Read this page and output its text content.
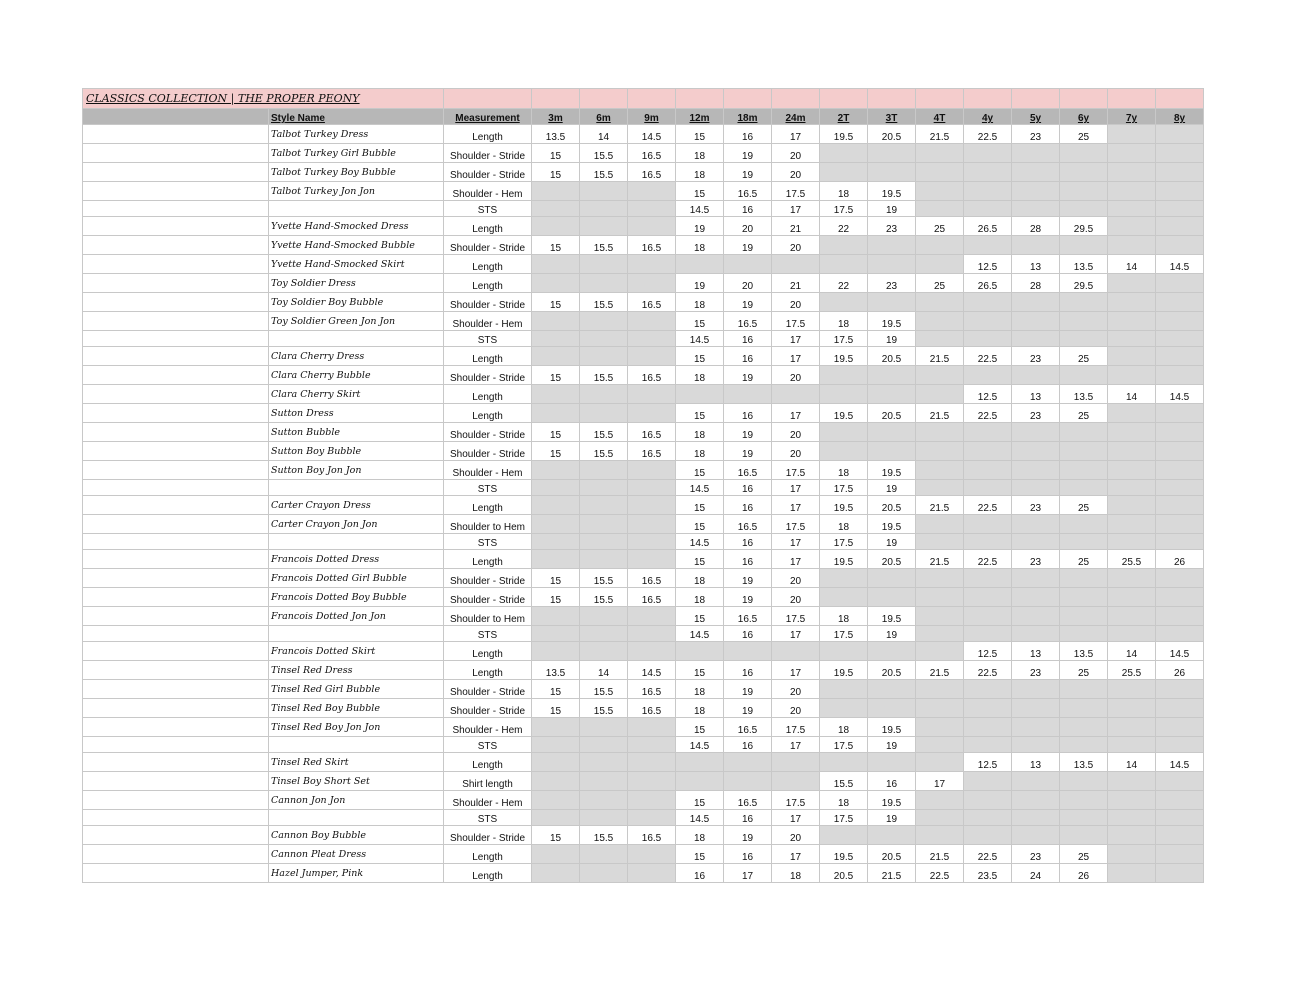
CLASSICS COLLECTION | THE PROPER PEONY																
	Style Name	Measurement	3m	6m	9m	12m	18m	24m	2T	3T	4T	4y	5y	6y	7y	8y
	Talbot Turkey Dress	Length	13.5	14	14.5	15	16	17	19.5	20.5	21.5	22.5	23	25		
	Talbot Turkey Girl Bubble	Shoulder - Stride	15	15.5	16.5	18	19	20								
	Talbot Turkey Boy Bubble	Shoulder - Stride	15	15.5	16.5	18	19	20								
	Talbot Turkey Jon Jon	Shoulder - Hem				15	16.5	17.5	18	19.5						
		STS				14.5	16	17	17.5	19						
	Yvette Hand-Smocked Dress	Length				19	20	21	22	23	25	26.5	28	29.5		
	Yvette Hand-Smocked Bubble	Shoulder - Stride	15	15.5	16.5	18	19	20								
	Yvette Hand-Smocked Skirt	Length										12.5	13	13.5	14	14.5
	Toy Soldier Dress	Length				19	20	21	22	23	25	26.5	28	29.5		
	Toy Soldier Boy Bubble	Shoulder - Stride	15	15.5	16.5	18	19	20								
	Toy Soldier Green Jon Jon	Shoulder - Hem				15	16.5	17.5	18	19.5						
		STS				14.5	16	17	17.5	19						
	Clara Cherry Dress	Length				15	16	17	19.5	20.5	21.5	22.5	23	25		
	Clara Cherry Bubble	Shoulder - Stride	15	15.5	16.5	18	19	20								
	Clara Cherry Skirt	Length										12.5	13	13.5	14	14.5
	Sutton Dress	Length				15	16	17	19.5	20.5	21.5	22.5	23	25		
	Sutton Bubble	Shoulder - Stride	15	15.5	16.5	18	19	20								
	Sutton Boy Bubble	Shoulder - Stride	15	15.5	16.5	18	19	20								
	Sutton Boy Jon Jon	Shoulder - Hem				15	16.5	17.5	18	19.5						
		STS				14.5	16	17	17.5	19						
	Carter Crayon Dress	Length				15	16	17	19.5	20.5	21.5	22.5	23	25		
	Carter Crayon Jon Jon	Shoulder to Hem				15	16.5	17.5	18	19.5						
		STS				14.5	16	17	17.5	19						
	Francois Dotted Dress	Length				15	16	17	19.5	20.5	21.5	22.5	23	25	25.5	26
	Francois Dotted Girl Bubble	Shoulder - Stride	15	15.5	16.5	18	19	20								
	Francois Dotted Boy Bubble	Shoulder - Stride	15	15.5	16.5	18	19	20								
	Francois Dotted Jon Jon	Shoulder to Hem				15	16.5	17.5	18	19.5						
		STS				14.5	16	17	17.5	19						
	Francois Dotted Skirt	Length										12.5	13	13.5	14	14.5
	Tinsel Red Dress	Length	13.5	14	14.5	15	16	17	19.5	20.5	21.5	22.5	23	25	25.5	26
	Tinsel Red Girl Bubble	Shoulder - Stride	15	15.5	16.5	18	19	20								
	Tinsel Red Boy Bubble	Shoulder - Stride	15	15.5	16.5	18	19	20								
	Tinsel Red Boy Jon Jon	Shoulder - Hem				15	16.5	17.5	18	19.5						
		STS				14.5	16	17	17.5	19						
	Tinsel Red Skirt	Length										12.5	13	13.5	14	14.5
	Tinsel Boy Short Set	Shirt length							15.5	16	17					
	Cannon Jon Jon	Shoulder - Hem				15	16.5	17.5	18	19.5						
		STS				14.5	16	17	17.5	19						
	Cannon Boy Bubble	Shoulder - Stride	15	15.5	16.5	18	19	20								
	Cannon Pleat Dress	Length				15	16	17	19.5	20.5	21.5	22.5	23	25		
	Hazel Jumper, Pink	Length				16	17	18	20.5	21.5	22.5	23.5	24	26		
